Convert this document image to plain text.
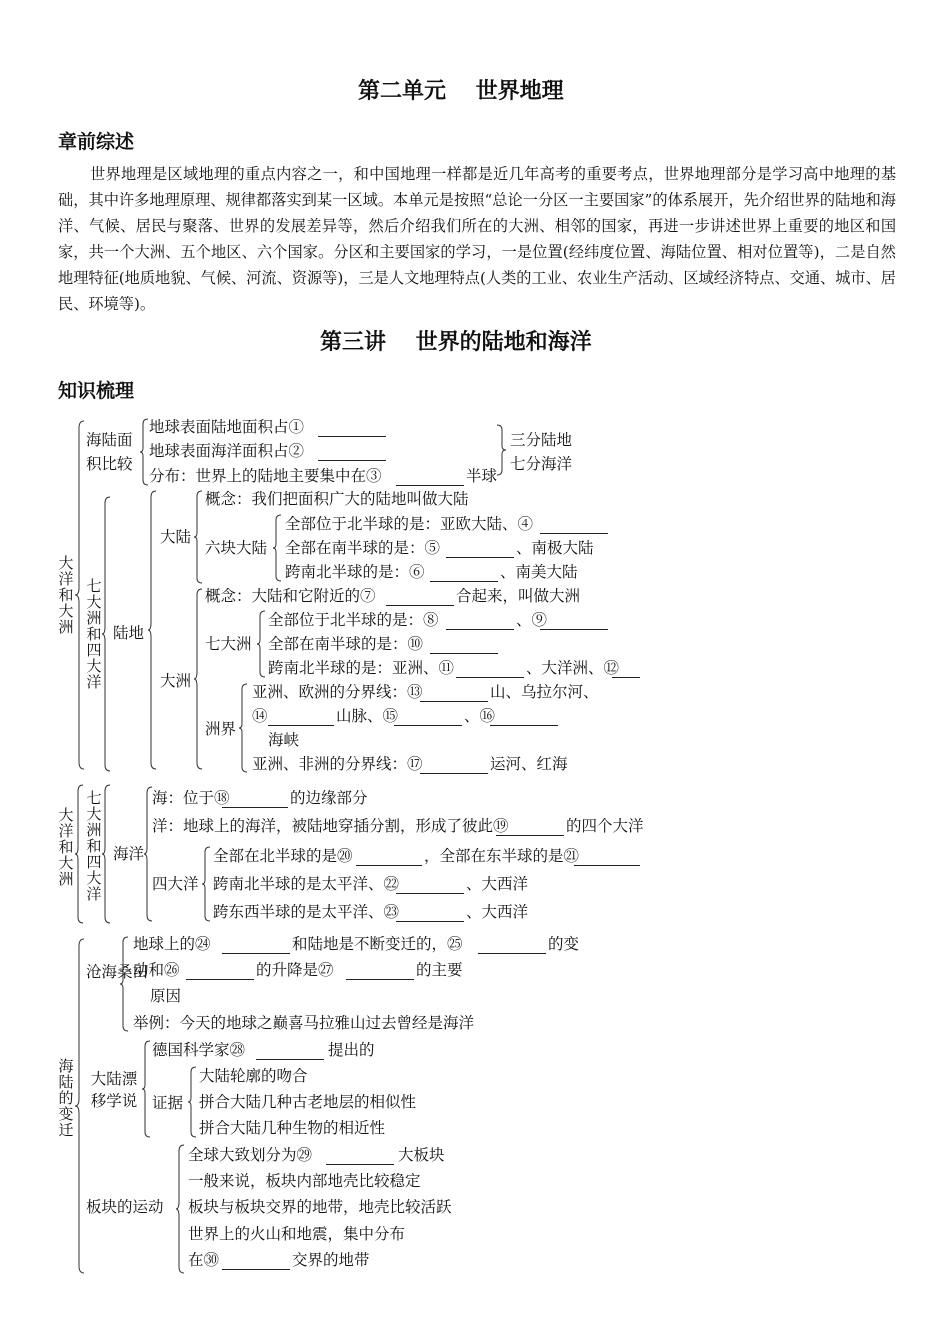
第二单元　 世界地理
章前综述
世界地理是区域地理的重点内容之一，和中国地理一样都是近几年高考的重要考点，世界地理部分是学习高中地理的基础，其中许多地理原理、规律都落实到某一区域。本单元是按照“总论一分区一主要国家”的体系展开，先介绍世界的陆地和海洋、气候、居民与聚落、世界的发展差异等，然后介绍我们所在的大洲、相邻的国家，再进一步讲述世界上重要的地区和国家，共一个大洲、五个地区、六个国家。分区和主要国家的学习，一是位置(经纬度位置、海陆位置、相对位置等)，二是自然地理特征(地质地貌、气候、河流、资源等)，三是人文地理特点(人类的工业、农业生产活动、区域经济特点、交通、城市、居民、环境等)。
第三讲　 世界的陆地和海洋
知识梳理
大洋和大洲
海陆面
积比较
地球表面陆地面积占①
地球表面海洋面积占②
分布：世界上的陆地主要集中在③	半球
三分陆地
七分海洋
七大洲和四大洋
陆地
大陆
概念：我们把面积广大的陆地叫做大陆
六块大陆
全部位于北半球的是：亚欧大陆、④
全部在南半球的是：⑤	、南极大陆
跨南北半球的是：⑥	、南美大陆
大洲
概念：大陆和它附近的⑦	合起来，叫做大洲
七大洲
全部位于北半球的是：⑧	、⑨
全部在南半球的是：⑩
跨南北半球的是：亚洲、⑪	、大洋洲、⑫
洲界
亚洲、欧洲的分界线：⑬	山、乌拉尔河、
⑭	山脉、⑮	、⑯
海峡
亚洲、非洲的分界线：⑰	运河、红海
大洋和大洲
七大洲和四大洋
海洋
海：位于⑱	的边缘部分
洋：地球上的海洋，被陆地穿插分割，形成了彼此⑲	的四个大洋
四大洋
全部在北半球的是⑳	，全部在东半球的是㉑
跨南北半球的是太平洋、㉒	、大西洋
跨东西半球的是太平洋、㉓	、大西洋
海陆的变迁
沧海桑田
地球上的㉔	和陆地是不断变迁的，㉕	的变
动和㉖	的升降是㉗	的主要
原因
举例：今天的地球之巅喜马拉雅山过去曾经是海洋
大陆漂移学说
德国科学家㉘	提出的
证据
大陆轮廓的吻合
拼合大陆几种古老地层的相似性
拼合大陆几种生物的相近性
板块的运动
全球大致划分为㉙	大板块
一般来说，板块内部地壳比较稳定
板块与板块交界的地带，地壳比较活跃
世界上的火山和地震，集中分布
在㉚	交界的地带
